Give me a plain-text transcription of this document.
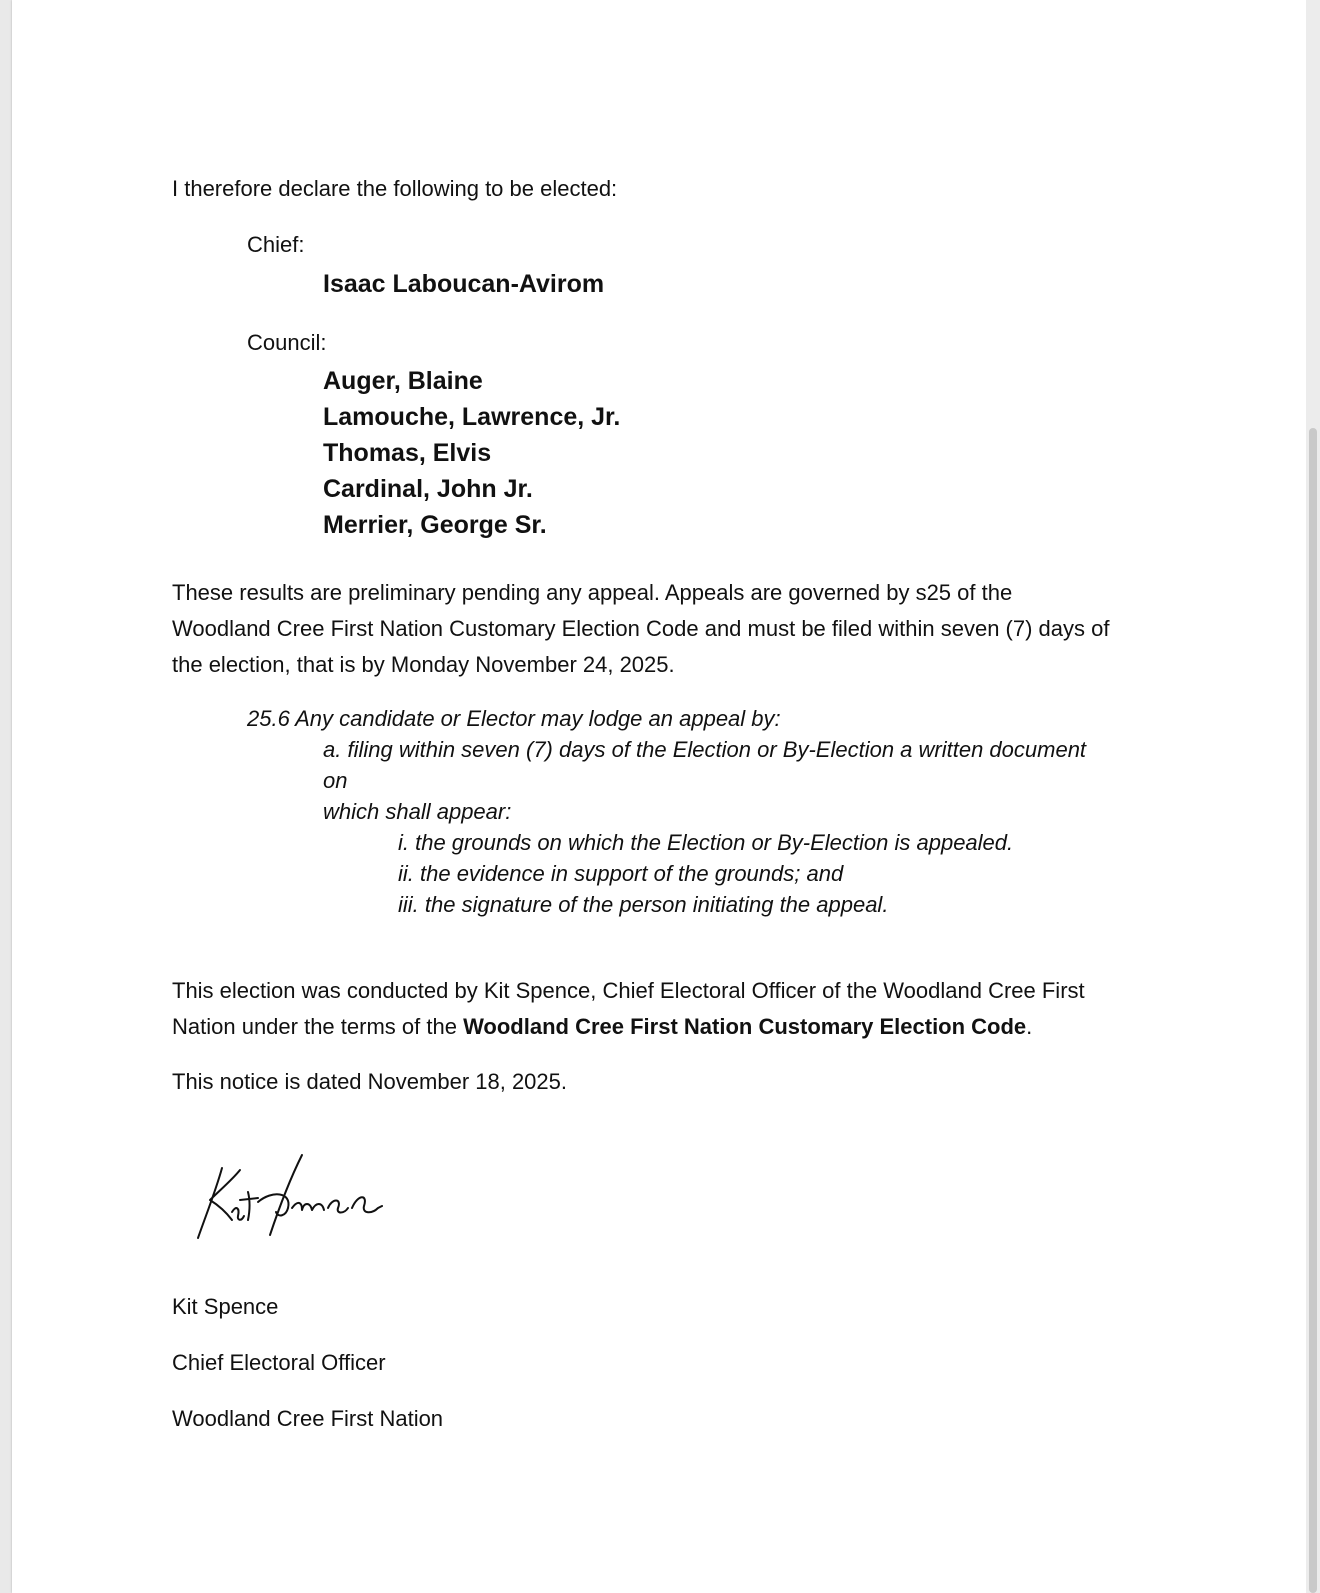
I therefore declare the following to be elected:
Chief:
Isaac Laboucan-Avirom
Council:
Auger, Blaine
Lamouche, Lawrence, Jr.
Thomas, Elvis
Cardinal, John Jr.
Merrier, George Sr.
These results are preliminary pending any appeal. Appeals are governed by s25 of the
Woodland Cree First Nation Customary Election Code and must be filed within seven (7) days of
the election, that is by Monday November 24, 2025.
25.6 Any candidate or Elector may lodge an appeal by:
a. filing within seven (7) days of the Election or By-Election a written document
on
which shall appear:
i. the grounds on which the Election or By-Election is appealed.
ii. the evidence in support of the grounds; and
iii. the signature of the person initiating the appeal.
This election was conducted by Kit Spence, Chief Electoral Officer of the Woodland Cree First
Nation under the terms of the Woodland Cree First Nation Customary Election Code.
This notice is dated November 18, 2025.
Kit Spence
Chief Electoral Officer
Woodland Cree First Nation
